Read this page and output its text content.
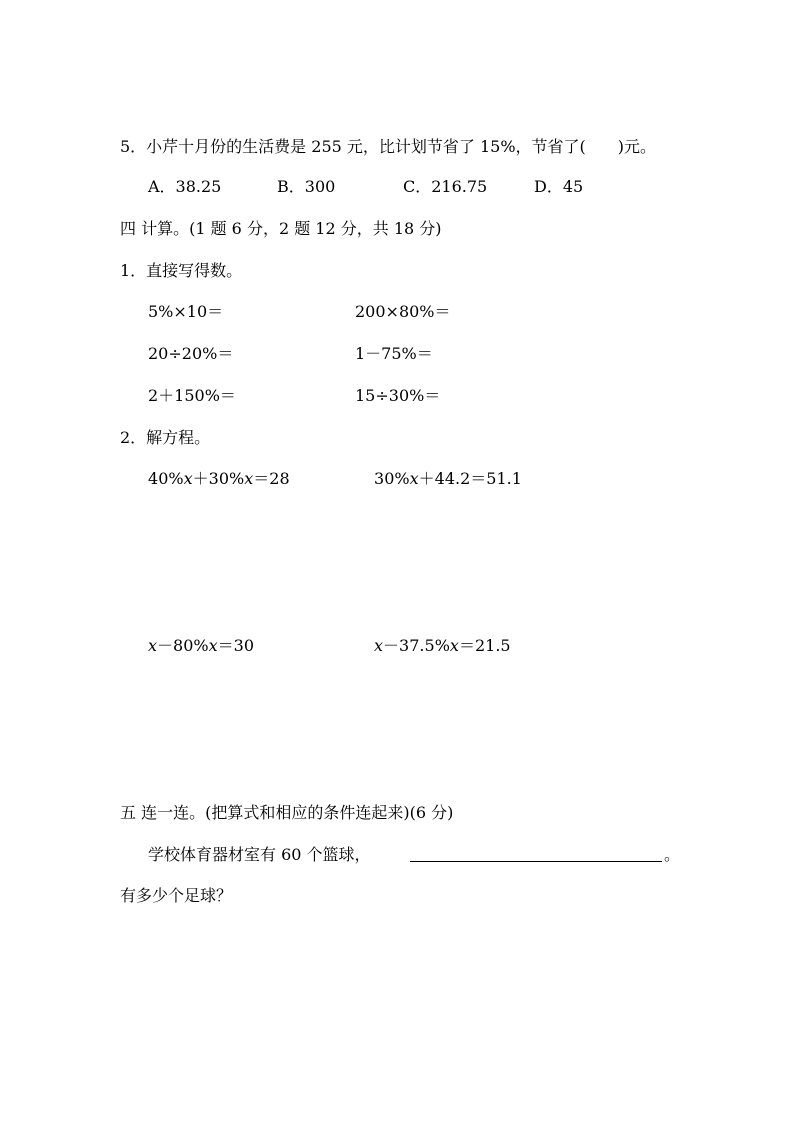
5．小芹十月份的生活费是 255 元，比计划节省了 15%，节省了(　　)元。
A．38.25	B．300	C．216.75	D．45
四 计算。(1 题 6 分，2 题 12 分，共 18 分)
1．直接写得数。
5%×10＝	200×80%＝
20÷20%＝	1－75%＝
2＋150%＝	15÷30%＝
2．解方程。
40%x＋30%x＝28	30%x＋44.2＝51.1
x－80%x＝30	x－37.5%x＝21.5
五 连一连。(把算式和相应的条件连起来)(6 分)
学校体育器材室有 60 个篮球，	。
有多少个足球？
